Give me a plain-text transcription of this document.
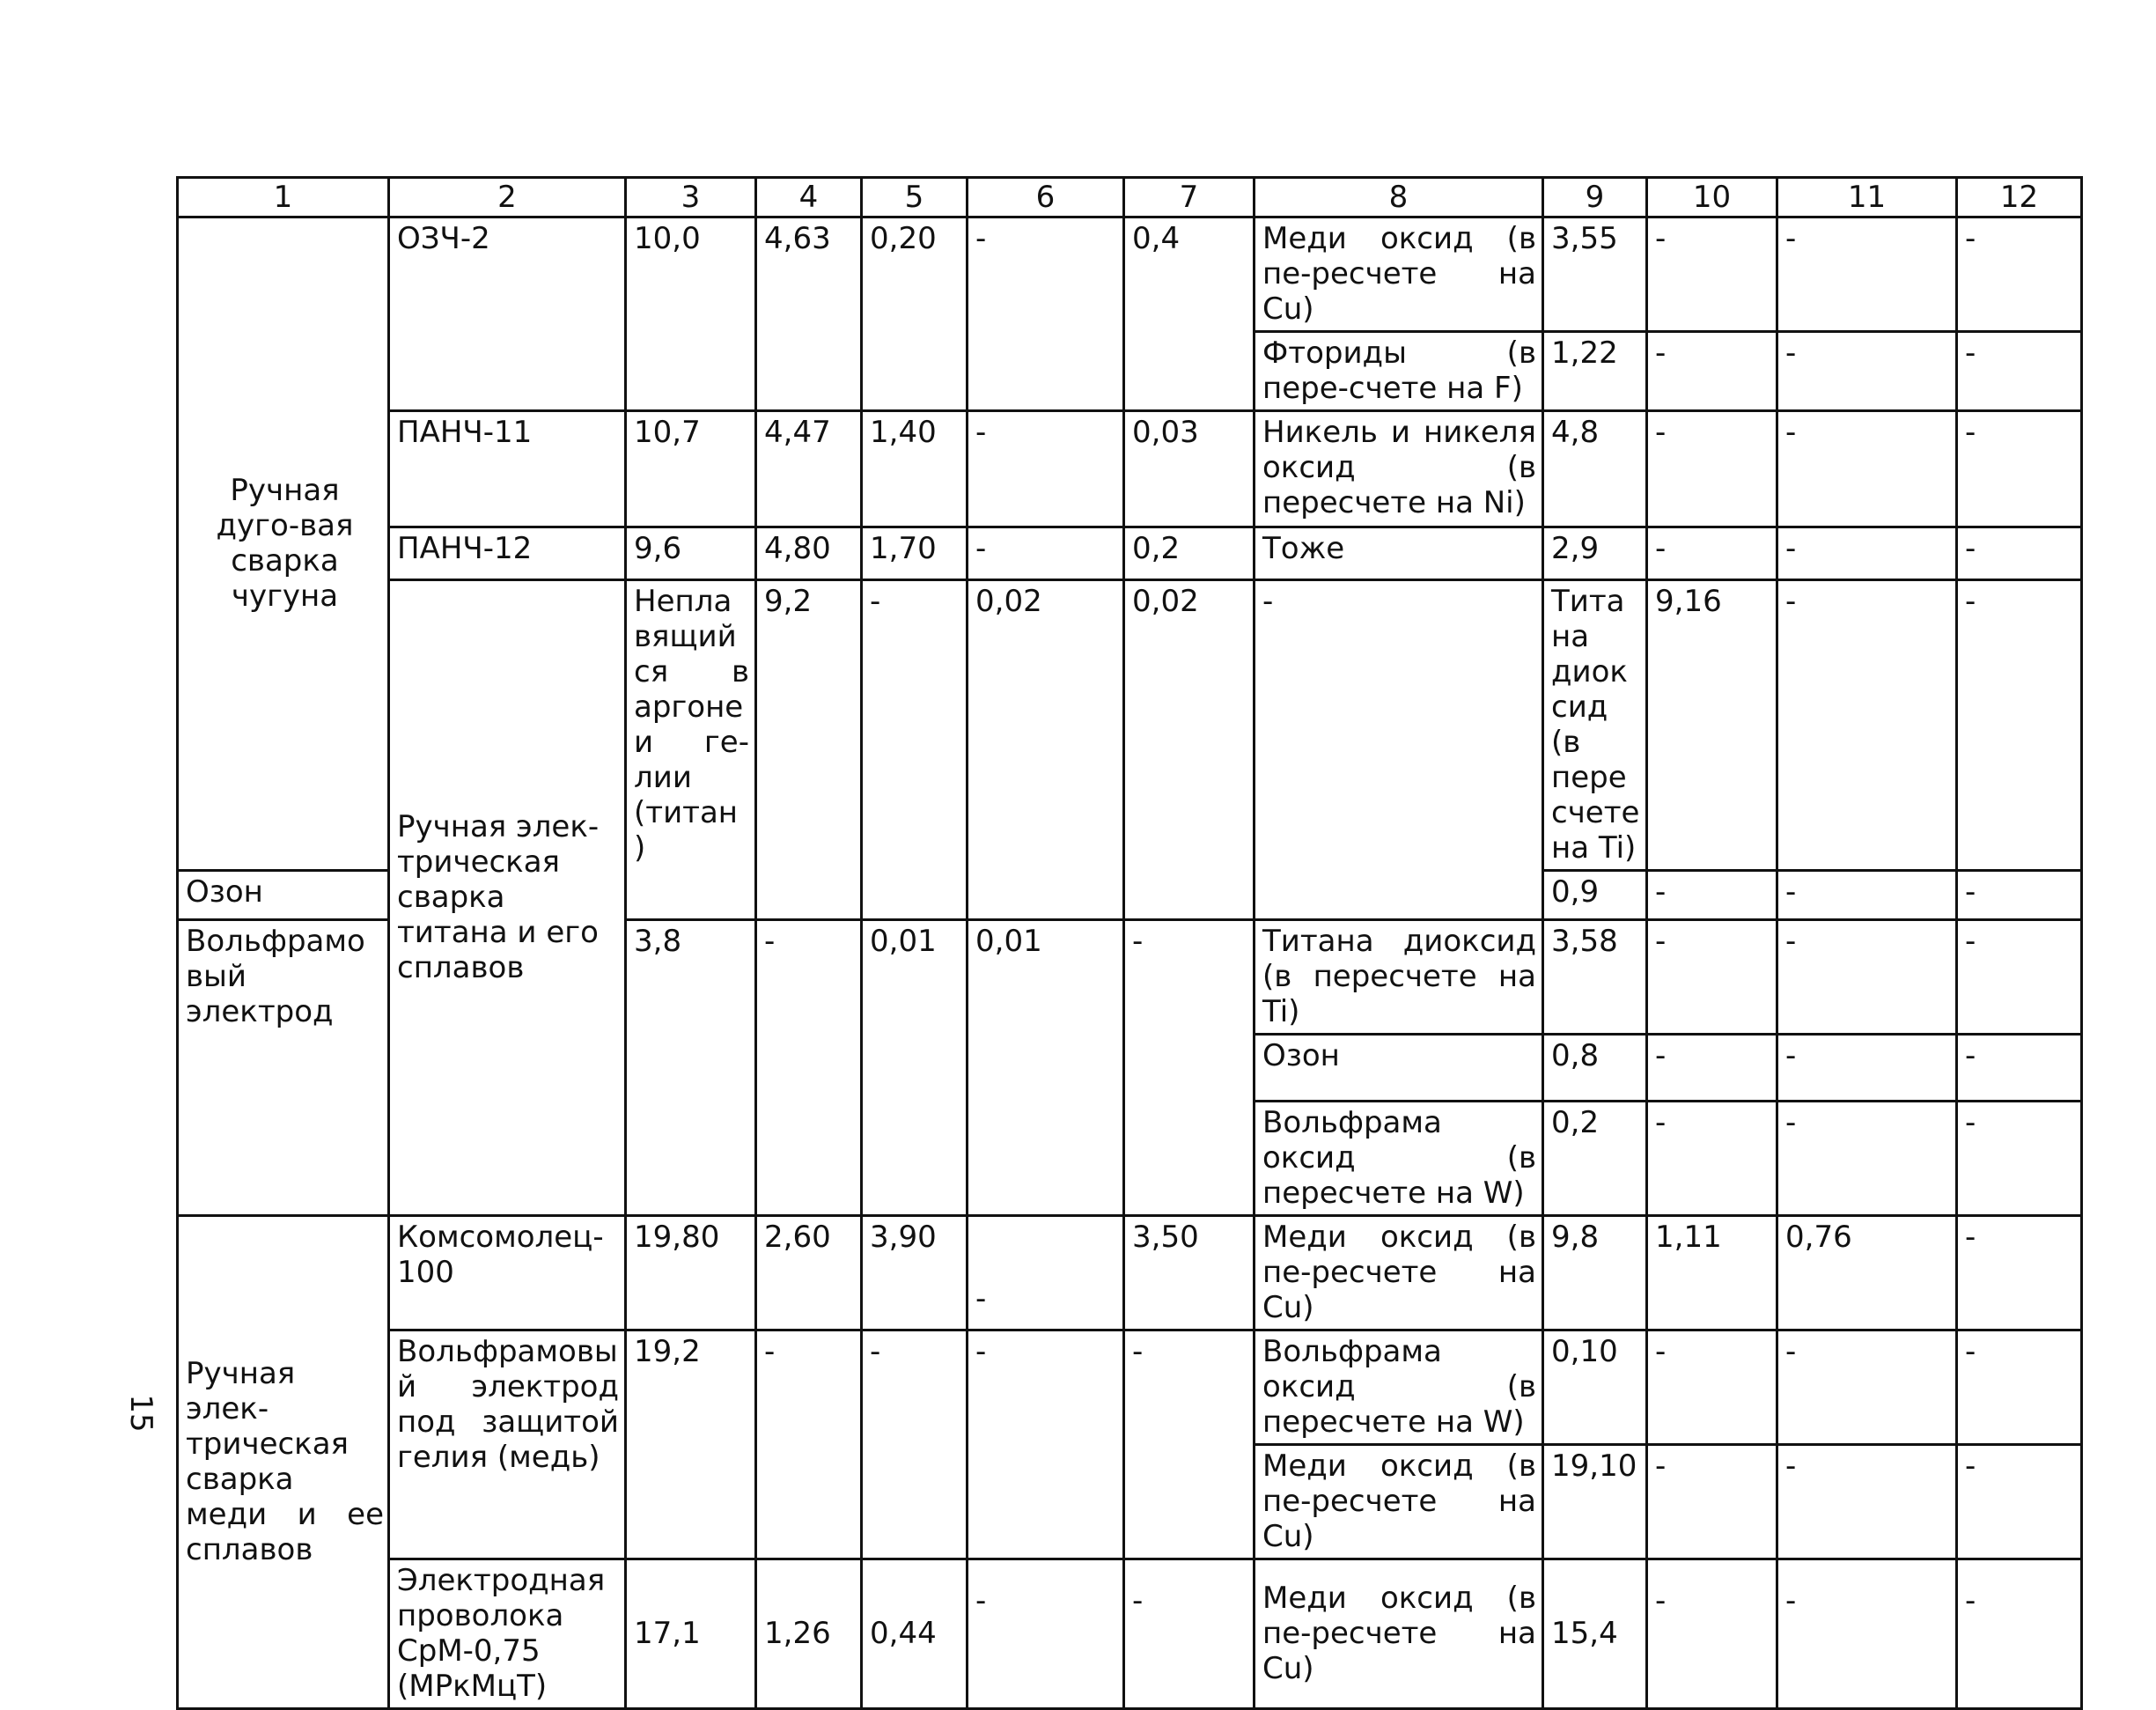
1	2	3	4	5	6	7	8	9	10	11	12	
Ручная дуго-вая сварка чугуна	ОЗЧ-2	10,0	4,63	0,20	-	0,4	Меди оксид (в пе-ресчете на Cu)	3,55	-	-	-	
							Фториды (в пере-счете на F)	1,22	-	-	-	
	ПАНЧ-11	10,7	4,47	1,40	-	0,03	Никель и никеля оксид (в пересчете на Ni)	4,8	-	-	-	
	ПАНЧ-12	9,6	4,80	1,70	-	0,2	Тоже	2,9	-	-	-	
	Ручная элек-трическая сварка титана и его сплавов	Неплавящийся в аргоне и ге-лии (титан)	9,2	-	0,02	0,02	-	Титана диоксид (в пересчете на Ti)	9,16	-	-	
Озон								0,9	-	-	-	
Вольфрамовый электрод		3,8	-	0,01	0,01	-	Титана диоксид (в пересчете на Ti)	3,58	-	-	-	
							Озон	0,8	-	-	-	
							Вольфрама оксид (в пересчете на W)	0,2	-	-	-	
Ручная элек-трическая сварка меди и ее сплавов	Комсомолец-100	19,80	2,60	3,90	-	3,50	Меди оксид (в пе-ресчете на Cu)	9,8	1,11	0,76	-	
	Вольфрамовый электрод под защитой гелия (медь)	19,2	-	-	-	-	Вольфрама оксид (в пересчете на W)	0,10	-	-	-	
							Меди оксид (в пе-ресчете на Cu)	19,10	-	-	-	
	Электродная проволока СрМ-0,75 (МРкМцТ)	17,1	1,26	0,44	-	-	Меди оксид (в пе-ресчете на Cu)	15,4	-	-	-	
15
